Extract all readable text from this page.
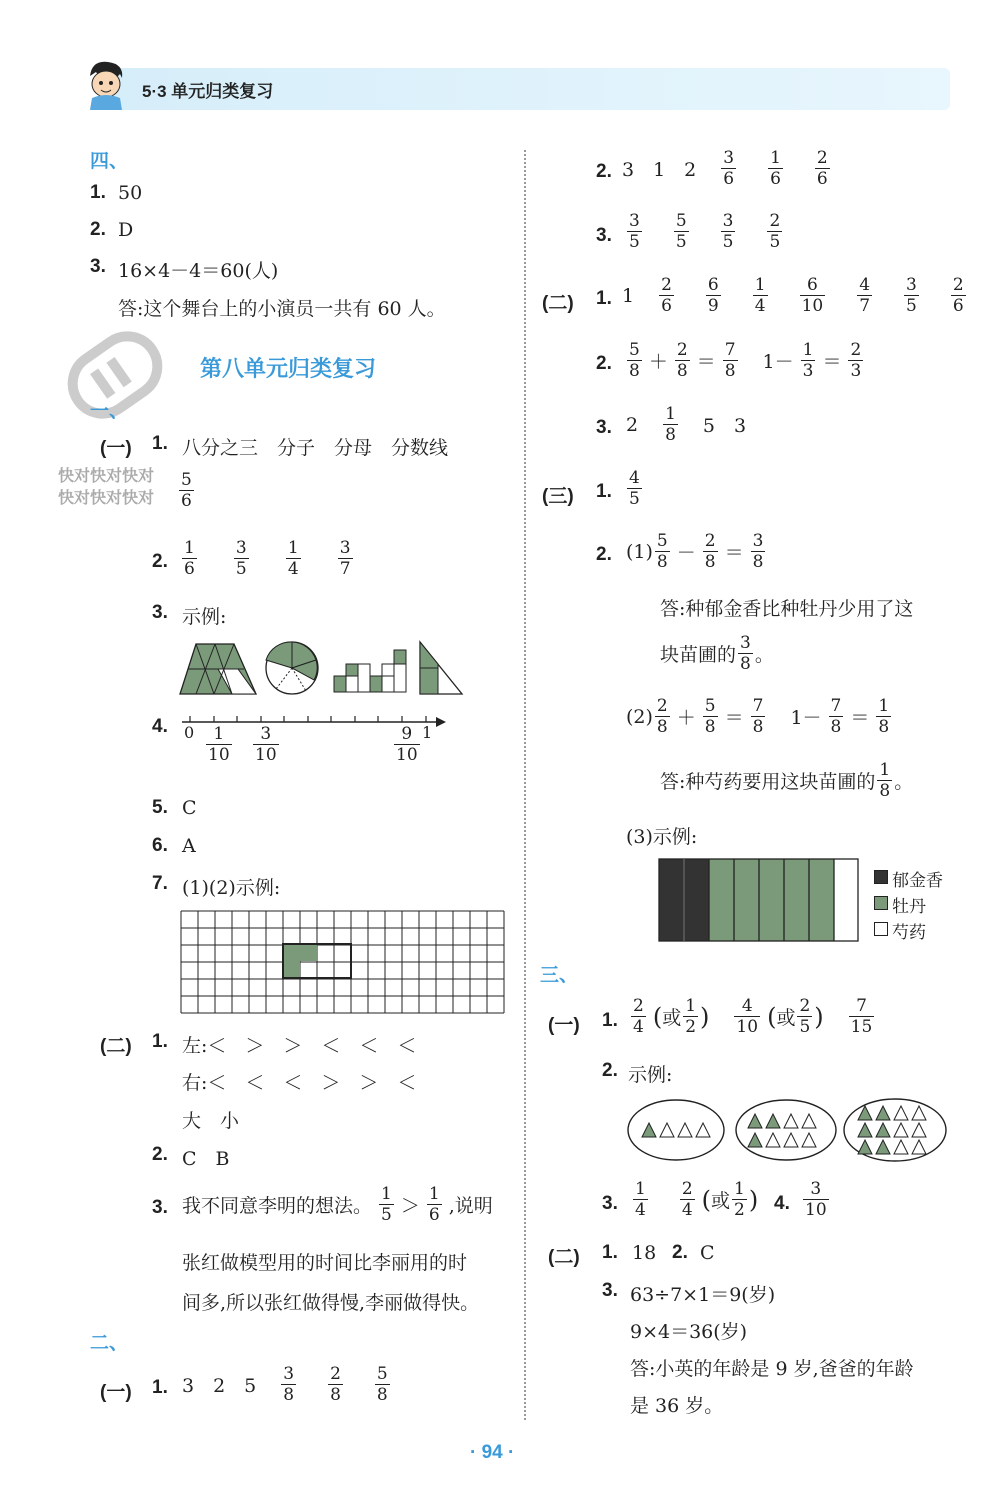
5·3 单元归类复习
四、
1. 50
2. D
3. 16×4－4＝60(人)
答:这个舞台上的小演员一共有 60 人。
第八单元归类复习
一、
(一) 1. 八分之三　分子　分母　分数线
快对快对快对
快对快对快对 $\frac{5}{6}$
2. $\frac{1}{6}$
$\frac{3}{5}$
$\frac{1}{4}$
$\frac{3}{7}$
3. 示例:
4. 0	1
$\frac{1}{10} \frac{3}{10}$	$\frac{9}{10}$
5. C
6. A
7. (1)(2)示例:
(二) 1. 左:＜　＞　＞　＜　＜　＜
右:＜　＜　＜　＞　＞　＜
大　小
2. C　B
3. 我不同意李明的想法。 $\frac{1}{5} > \frac{1}{6}$ ,说明
张红做模型用的时间比李丽用的时
间多,所以张红做得慢,李丽做得快。
二、
(一) 1. 3　2　$5 \frac{3}{8} \frac{2}{8} \frac{5}{8}$
2. 3　1　$2 \frac{3}{6} \frac{1}{6} \frac{2}{6}$
3. $\frac{3}{5} \frac{5}{5} \frac{3}{5} \frac{2}{5}$
(二) 1. $1 \frac{2}{6} \frac{6}{9} \frac{1}{4} \frac{6}{10} \frac{4}{7} \frac{3}{5} \frac{2}{6}$
2. $\frac{5}{8} + \frac{2}{8} = \frac{7}{8} 1- \frac{1}{3} = \frac{2}{3}$
3. $2 \frac{1}{8} 5$　3
(三) 1. $\frac{4}{5}$
2. $(1) \frac{5}{8} - \frac{2}{8} = \frac{3}{8}$
答:种郁金香比种牡丹少用了这
块苗圃的 $\frac{3}{8}$ 。
$(2) \frac{2}{8} + \frac{5}{8} = \frac{7}{8} 1- \frac{7}{8} = \frac{1}{8}$
答:种芍药要用这块苗圃的 $\frac{1}{8}$ 。
(3)示例:
郁金香
牡丹
芍药
三、
(一) 1. $\frac{2}{4}$ ( 或 $\frac{1}{2}$ ) $\frac{4}{10}$ ( 或 $\frac{2}{5}$ ) $\frac{7}{15}$
2. 示例:
3. $\frac{1}{4} \frac{2}{4}$ ( 或 $\frac{1}{2}$ ) 4. $\frac{3}{10}$
(二) 1. 18 2. C
3. 63÷7×1＝9(岁)
9×4＝36(岁)
答:小英的年龄是 9 岁,爸爸的年龄
是 36 岁。
· 94 ·
